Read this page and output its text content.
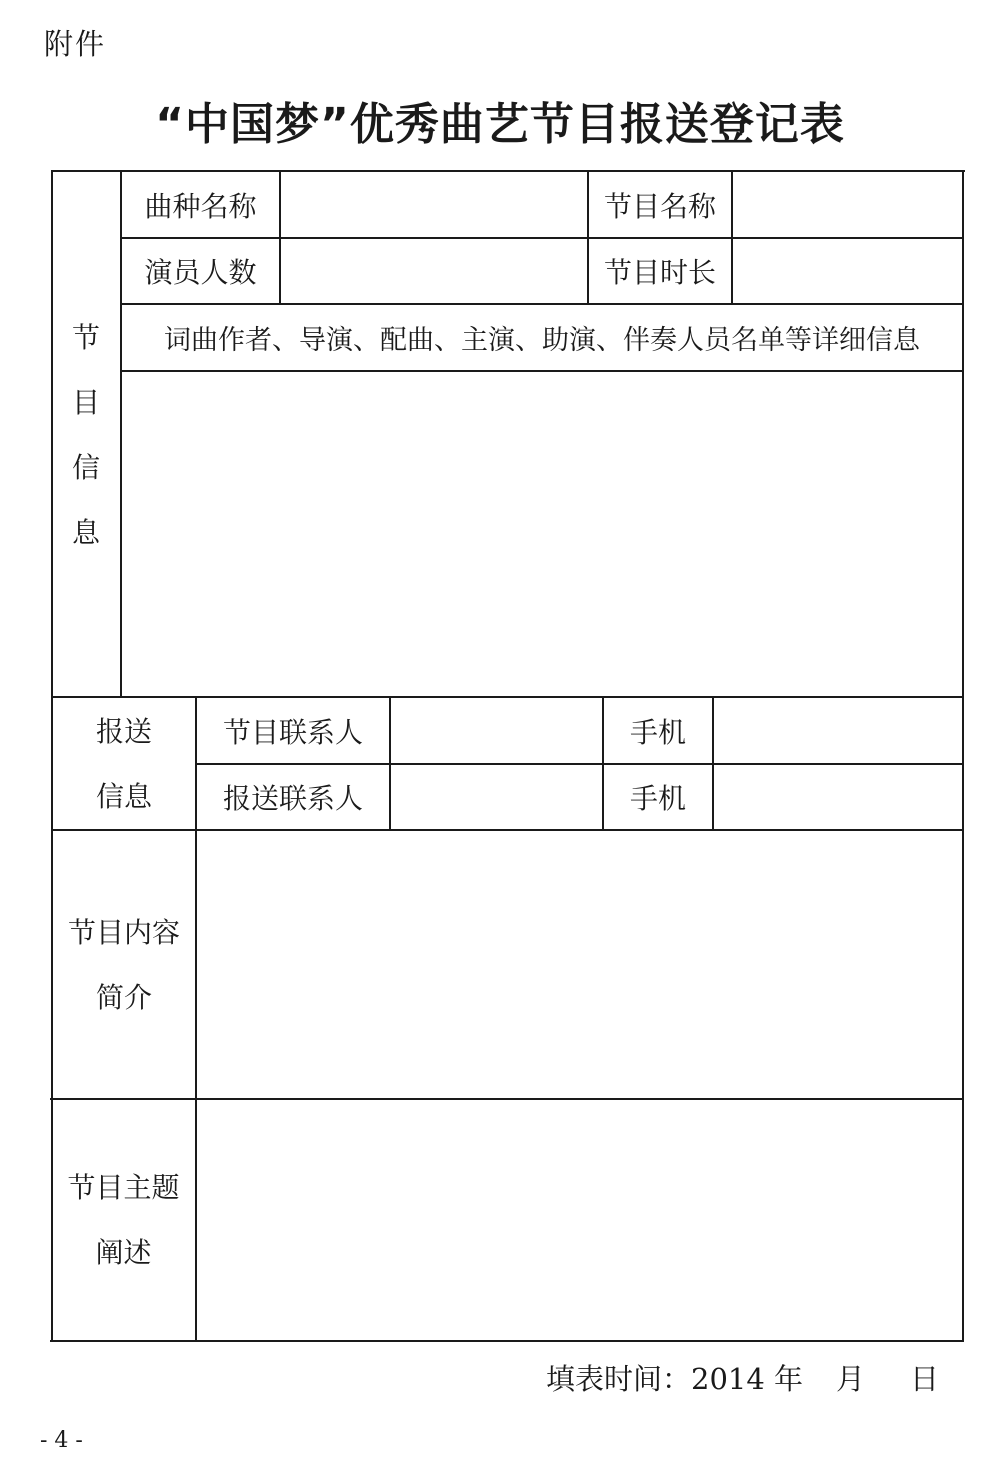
附件
“中国梦”优秀曲艺节目报送登记表
节
目
信
息
曲种名称	节目名称
演员人数	节目时长
词曲作者、导演、配曲、主演、助演、伴奏人员名单等详细信息
报送
信息
节目联系人	手机
报送联系人	手机
节目内容
简介
节目主题
阐述
填表时间：2014 年 月 日
- 4 -
